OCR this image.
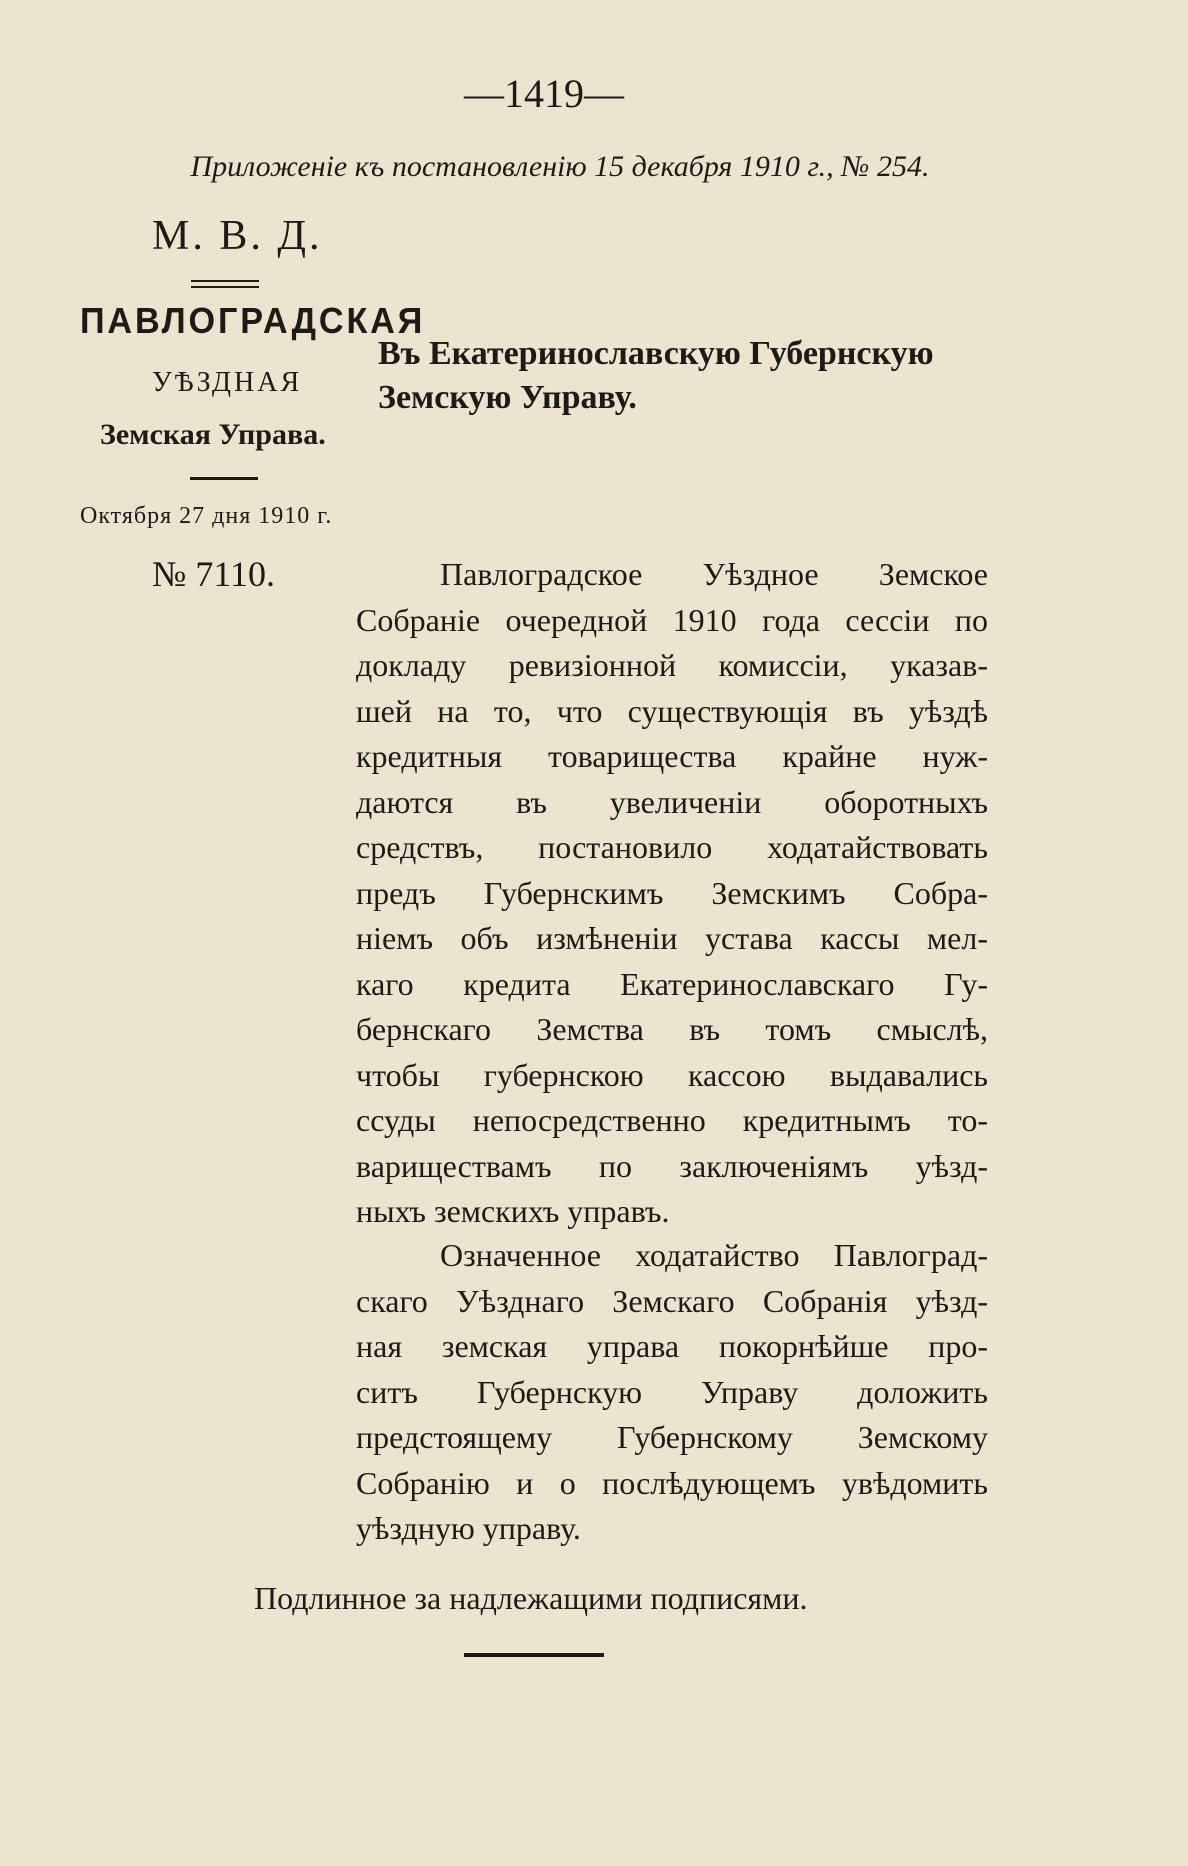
—1419—
Приложеніе къ постановленію 15 декабря 1910 г., № 254.
М. В. Д.
ПАВЛОГРАДСКАЯ
УѢЗДНАЯ
Земская Управа.
Октября 27 дня 1910 г.
№ 7110.
Въ Екатеринославскую Губернскую
Земскую Управу.
Павлоградское Уѣздное Земское
Собраніе очередной 1910 года сессіи по
докладу ревизіонной комиссіи, указав-
шей на то, что существующія въ уѣздѣ
кредитныя товарищества крайне нуж-
даются въ увеличеніи оборотныхъ
средствъ, постановило ходатайствовать
предъ Губернскимъ Земскимъ Собра-
ніемъ объ измѣненіи устава кассы мел-
каго кредита Екатеринославскаго Гу-
бернскаго Земства въ томъ смыслѣ,
чтобы губернскою кассою выдавались
ссуды непосредственно кредитнымъ то-
вариществамъ по заключеніямъ уѣзд-
ныхъ земскихъ управъ.
Означенное ходатайство Павлоград-
скаго Уѣзднаго Земскаго Собранія уѣзд-
ная земская управа покорнѣйше про-
ситъ Губернскую Управу доложить
предстоящему Губернскому Земскому
Собранію и о послѣдующемъ увѣдомить
уѣздную управу.
Подлинное за надлежащими подписями.
